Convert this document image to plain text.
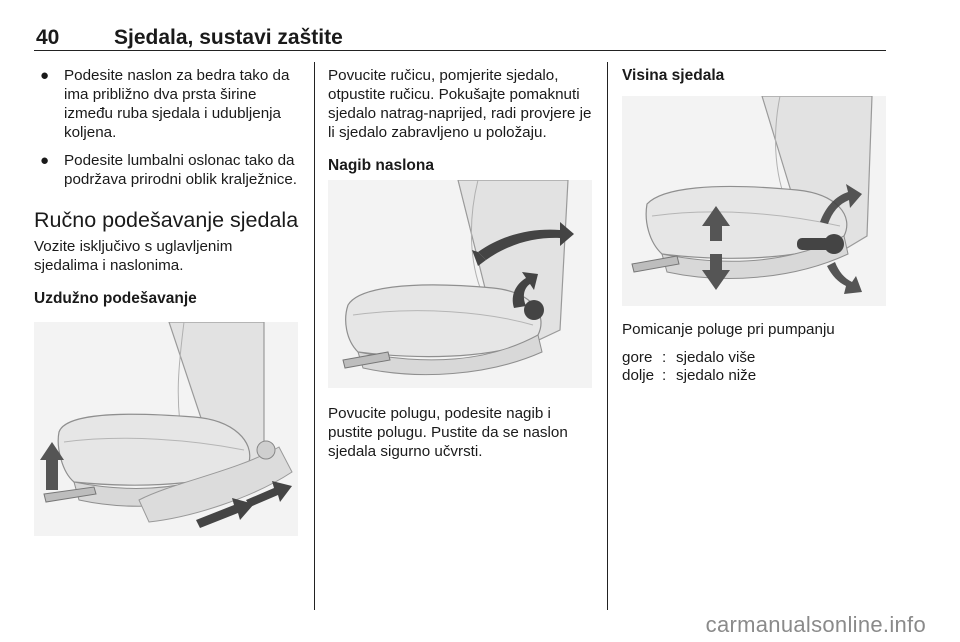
40	Sjedala, sustavi zaštite
● Podesite naslon za bedra tako da ima približno dva prsta širine između ruba sjedala i udubljenja koljena.
● Podesite lumbalni oslonac tako da podržava prirodni oblik kralježnice.
Ručno podešavanje sjedala

Vozite isključivo s uglavljenim sjedalima i naslonima.

Uzdužno podešavanje

Povucite ručicu, pomjerite sjedalo, otpustite ručicu. Pokušajte pomaknuti sjedalo natrag-naprijed, radi provjere je li sjedalo zabravljeno u položaju.

Nagib naslona

Povucite polugu, podesite nagib i pustite polugu. Pustite da se naslon sjedala sigurno učvrsti.

Visina sjedala

Pomicanje poluge pri pumpanju

gore	:	sjedalo više
dolje	:	sjedalo niže
carmanualsonline.info
